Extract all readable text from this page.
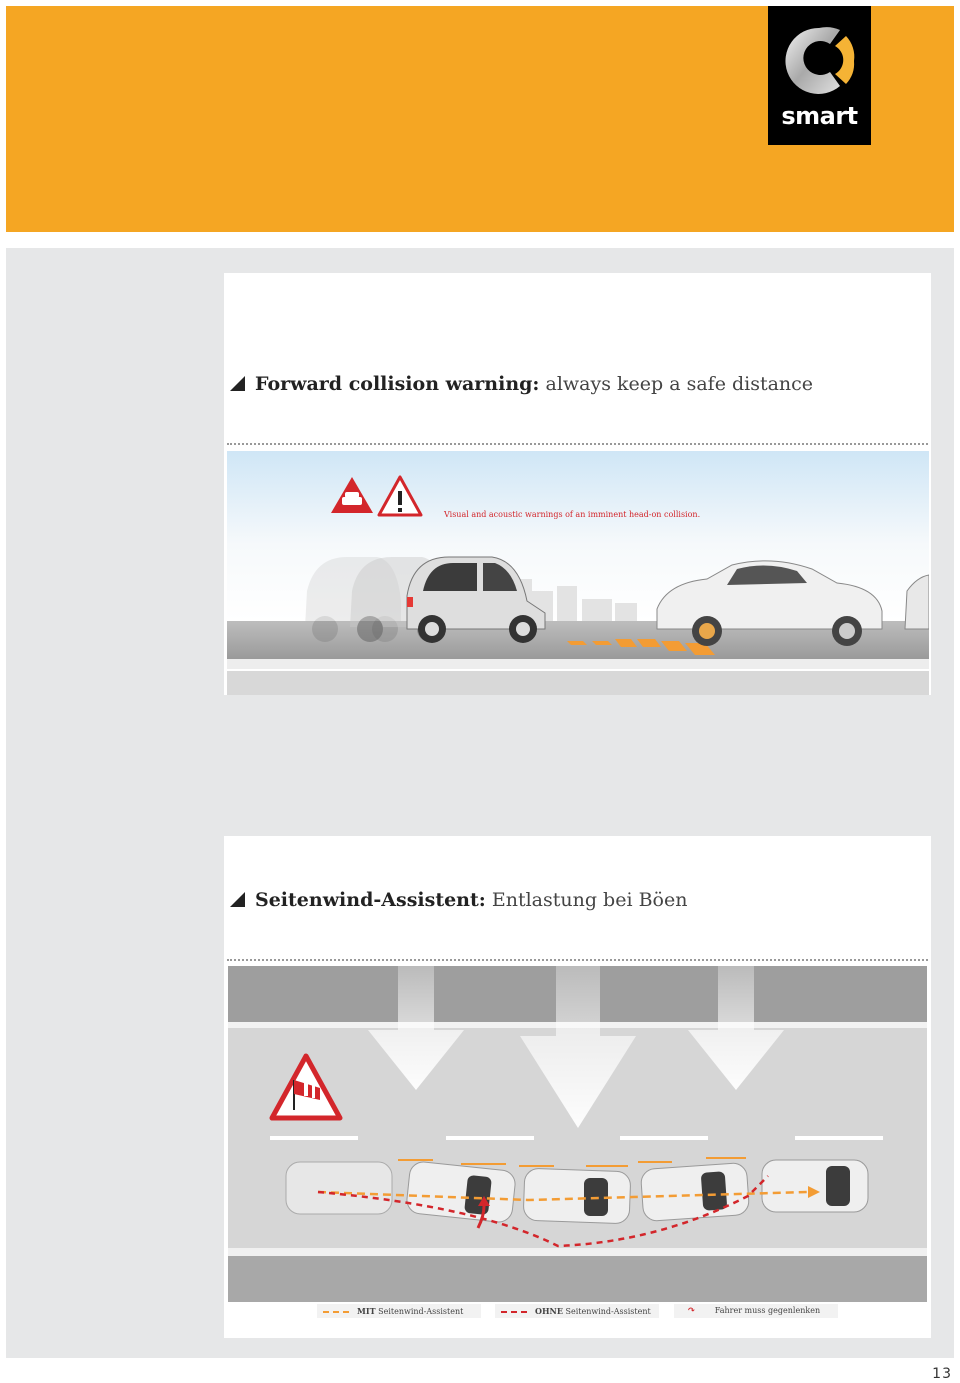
smart
Forward collision warning: always keep a safe distance
Visual and acoustic warnings of an imminent head-on collision.
Seitenwind-Assistent: Entlastung bei Böen
MIT Seitenwind-Assistent	OHNE Seitenwind-Assistent	↷	Fahrer muss gegenlenken
13
